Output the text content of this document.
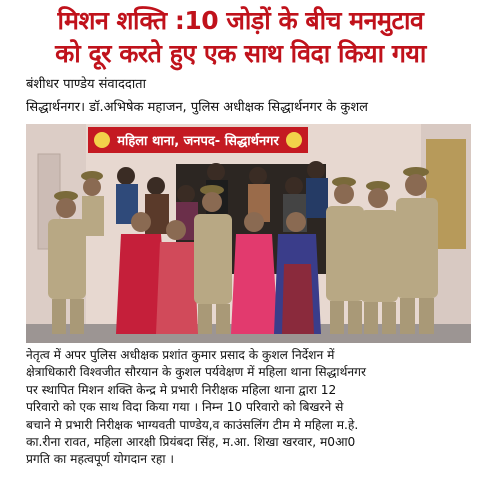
मिशन शक्ति :10 जोड़ों के बीच मनमुटाव
को दूर करते हुए एक साथ विदा किया गया
बंशीधर पाण्डेय संवाददाता
सिद्धार्थनगर। डॉ.अभिषेक महाजन, पुलिस अधीक्षक सिद्धार्थनगर के कुशल
महिला थाना, जनपद- सिद्धार्थनगर

नेतृत्व में अपर पुलिस अधीक्षक प्रशांत कुमार प्रसाद के कुशल निर्देशन में

क्षेत्राधिकारी विश्वजीत सौरयान के कुशल पर्यवेक्षण में महिला थाना सिद्धार्थनगर

पर स्थापित मिशन शक्ति केन्द्र मे प्रभारी निरीक्षक महिला थाना द्वारा 12

परिवारो को एक साथ विदा किया गया । निम्न 10 परिवारो को बिखरने से

बचाने मे प्रभारी निरीक्षक भाग्यवती पाण्डेय,व काउंसलिंग टीम मे महिला म.हे.

का.रीना रावत, महिला आरक्षी प्रियंबदा सिंह, म.आ. शिखा खरवार, म0आ0

प्रगति का महत्वपूर्ण योगदान रहा ।
